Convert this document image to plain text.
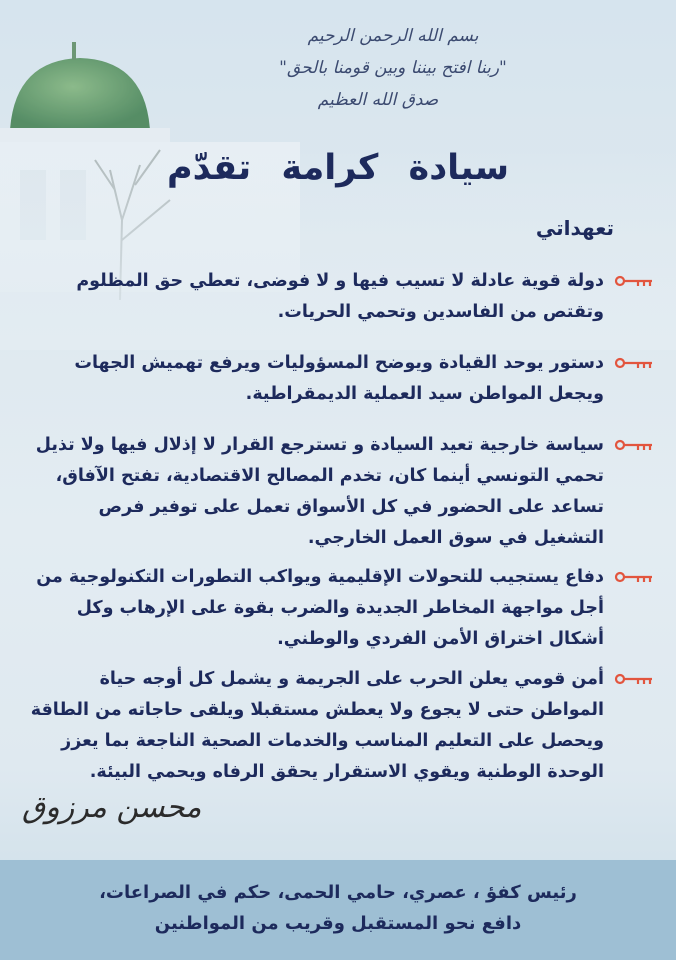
بسم الله الرحمن الرحيم
"ربنا افتح بيننا وبين قومنا بالحق"
صدق الله العظيم
سيادة كرامة تقدّم
تعهداتي
دولة قوية عادلة لا تسيب فيها و لا فوضى، تعطي حق المظلوم وتقتص من الفاسدين وتحمي الحريات.
دستور يوحد القيادة ويوضح المسؤوليات ويرفع تهميش الجهات ويجعل المواطن سيد العملية الديمقراطية.
سياسة خارجية تعيد السيادة و تسترجع القرار لا إذلال فيها ولا تذيل تحمي التونسي أينما كان، تخدم المصالح الاقتصادية، تفتح الآفاق، تساعد على الحضور في كل الأسواق تعمل على توفير فرص التشغيل في سوق العمل الخارجي.
دفاع يستجيب للتحولات الإقليمية ويواكب التطورات التكنولوجية من أجل مواجهة المخاطر الجديدة والضرب بقوة على الإرهاب وكل أشكال اختراق الأمن الفردي والوطني.
أمن قومي يعلن الحرب على الجريمة و يشمل كل أوجه حياة المواطن حتى لا يجوع ولا يعطش مستقبلا ويلقى حاجاته من الطاقة ويحصل على التعليم المناسب والخدمات الصحية الناجعة بما يعزز الوحدة الوطنية ويقوي الاستقرار يحقق الرفاه ويحمي البيئة.
محسن مرزوق
رئيس كفؤ ، عصري، حامي الحمى، حكم في الصراعات،
دافع نحو المستقبل وقريب من المواطنين
